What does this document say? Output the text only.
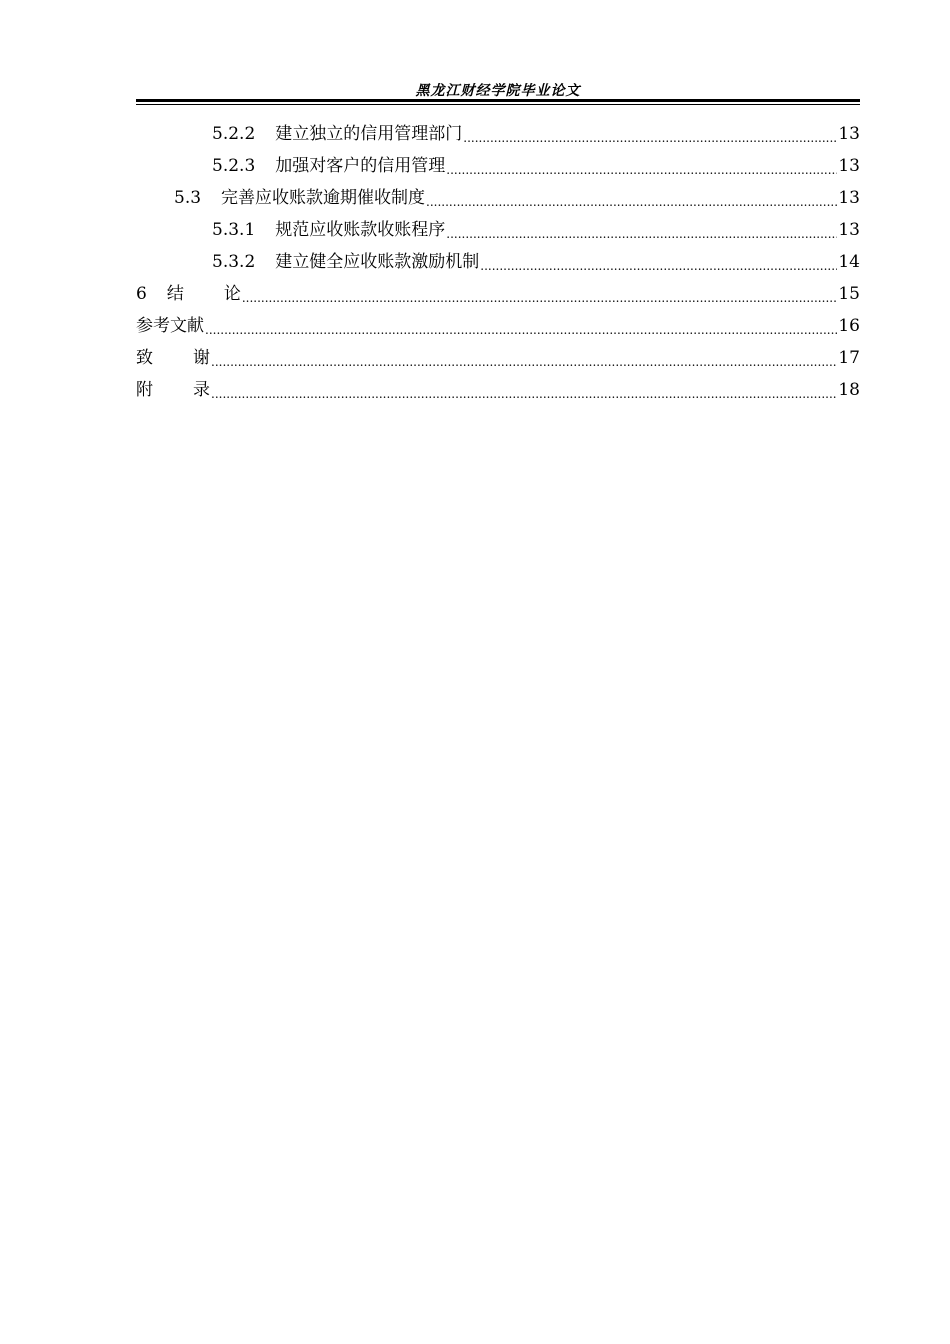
黑龙江财经学院毕业论文
5.2.2 建立独立的信用管理部门 .....	13
5.2.3 加强对客户的信用管理 .....	13
5.3 完善应收账款逾期催收制度 .....	13
5.3.1 规范应收账款收账程序 .....	13
5.3.2 建立健全应收账款激励机制 .....	14
6 结 论 .....	15
参考文献 .....	16
致 谢 .....	17
附 录 .....	18
